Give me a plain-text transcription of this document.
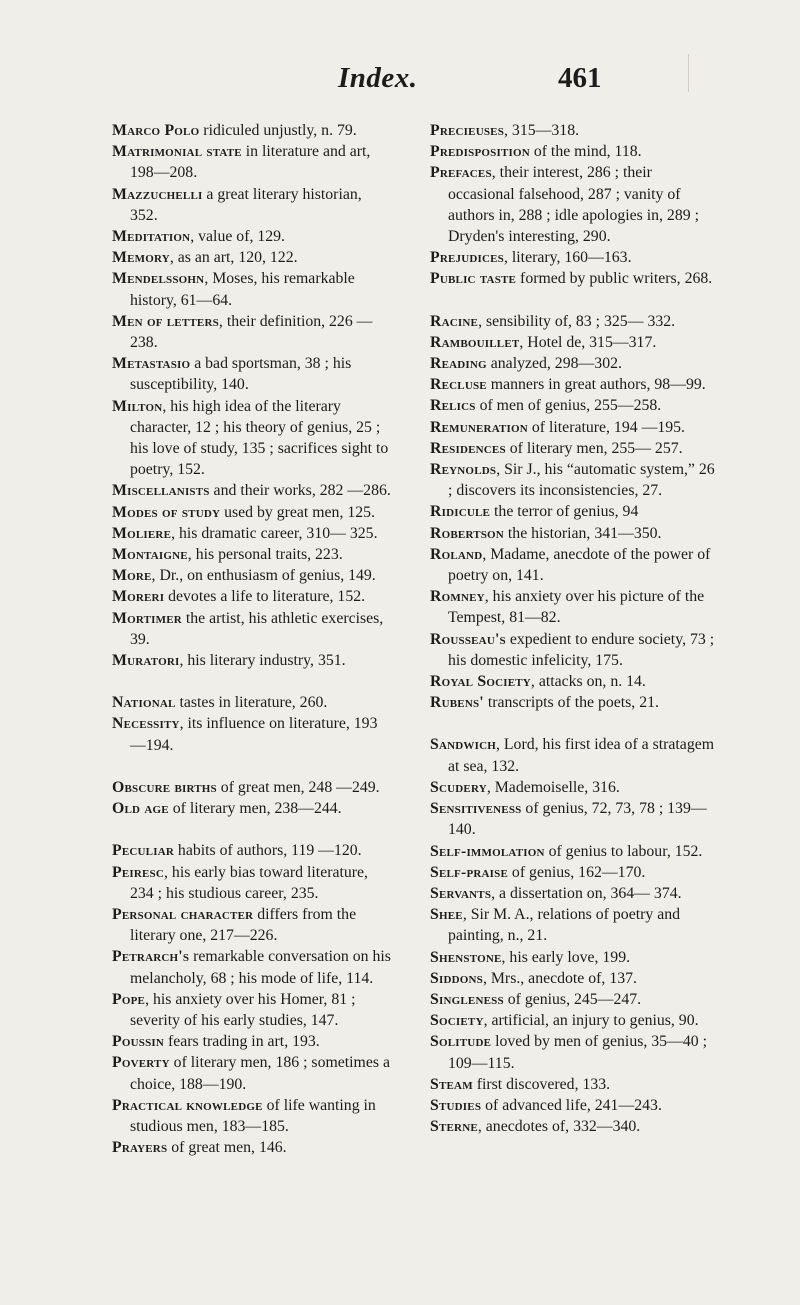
Index.	461

Marco Polo ridiculed unjustly, n. 79.

Matrimonial state in literature and art, 198—208.

Mazzuchelli a great literary historian, 352.

Meditation, value of, 129.

Memory, as an art, 120, 122.

Mendelssohn, Moses, his remarkable history, 61—64.

Men of letters, their definition, 226 —238.

Metastasio a bad sportsman, 38 ; his susceptibility, 140.

Milton, his high idea of the literary character, 12 ; his theory of genius, 25 ; his love of study, 135 ; sacrifices sight to poetry, 152.

Miscellanists and their works, 282 —286.

Modes of study used by great men, 125.

Moliere, his dramatic career, 310— 325.

Montaigne, his personal traits, 223.

More, Dr., on enthusiasm of genius, 149.

Moreri devotes a life to literature, 152.

Mortimer the artist, his athletic exercises, 39.

Muratori, his literary industry, 351.

National tastes in literature, 260.

Necessity, its influence on literature, 193—194.

Obscure births of great men, 248 —249.

Old age of literary men, 238—244.

Peculiar habits of authors, 119 —120.

Peiresc, his early bias toward literature, 234 ; his studious career, 235.

Personal character differs from the literary one, 217—226.

Petrarch's remarkable conversation on his melancholy, 68 ; his mode of life, 114.

Pope, his anxiety over his Homer, 81 ; severity of his early studies, 147.

Poussin fears trading in art, 193.

Poverty of literary men, 186 ; sometimes a choice, 188—190.

Practical knowledge of life wanting in studious men, 183—185.

Prayers of great men, 146.

Precieuses, 315—318.

Predisposition of the mind, 118.

Prefaces, their interest, 286 ; their occasional falsehood, 287 ; vanity of authors in, 288 ; idle apologies in, 289 ; Dryden's interesting, 290.

Prejudices, literary, 160—163.

Public taste formed by public writers, 268.

Racine, sensibility of, 83 ; 325— 332.

Rambouillet, Hotel de, 315—317.

Reading analyzed, 298—302.

Recluse manners in great authors, 98—99.

Relics of men of genius, 255—258.

Remuneration of literature, 194 —195.

Residences of literary men, 255— 257.

Reynolds, Sir J., his “automatic system,” 26 ; discovers its inconsistencies, 27.

Ridicule the terror of genius, 94

Robertson the historian, 341—350.

Roland, Madame, anecdote of the power of poetry on, 141.

Romney, his anxiety over his picture of the Tempest, 81—82.

Rousseau's expedient to endure society, 73 ; his domestic infelicity, 175.

Royal Society, attacks on, n. 14.

Rubens' transcripts of the poets, 21.

Sandwich, Lord, his first idea of a stratagem at sea, 132.

Scudery, Mademoiselle, 316.

Sensitiveness of genius, 72, 73, 78 ; 139—140.

Self-immolation of genius to labour, 152.

Self-praise of genius, 162—170.

Servants, a dissertation on, 364— 374.

Shee, Sir M. A., relations of poetry and painting, n., 21.

Shenstone, his early love, 199.

Siddons, Mrs., anecdote of, 137.

Singleness of genius, 245—247.

Society, artificial, an injury to genius, 90.

Solitude loved by men of genius, 35—40 ; 109—115.

Steam first discovered, 133.

Studies of advanced life, 241—243.

Sterne, anecdotes of, 332—340.
